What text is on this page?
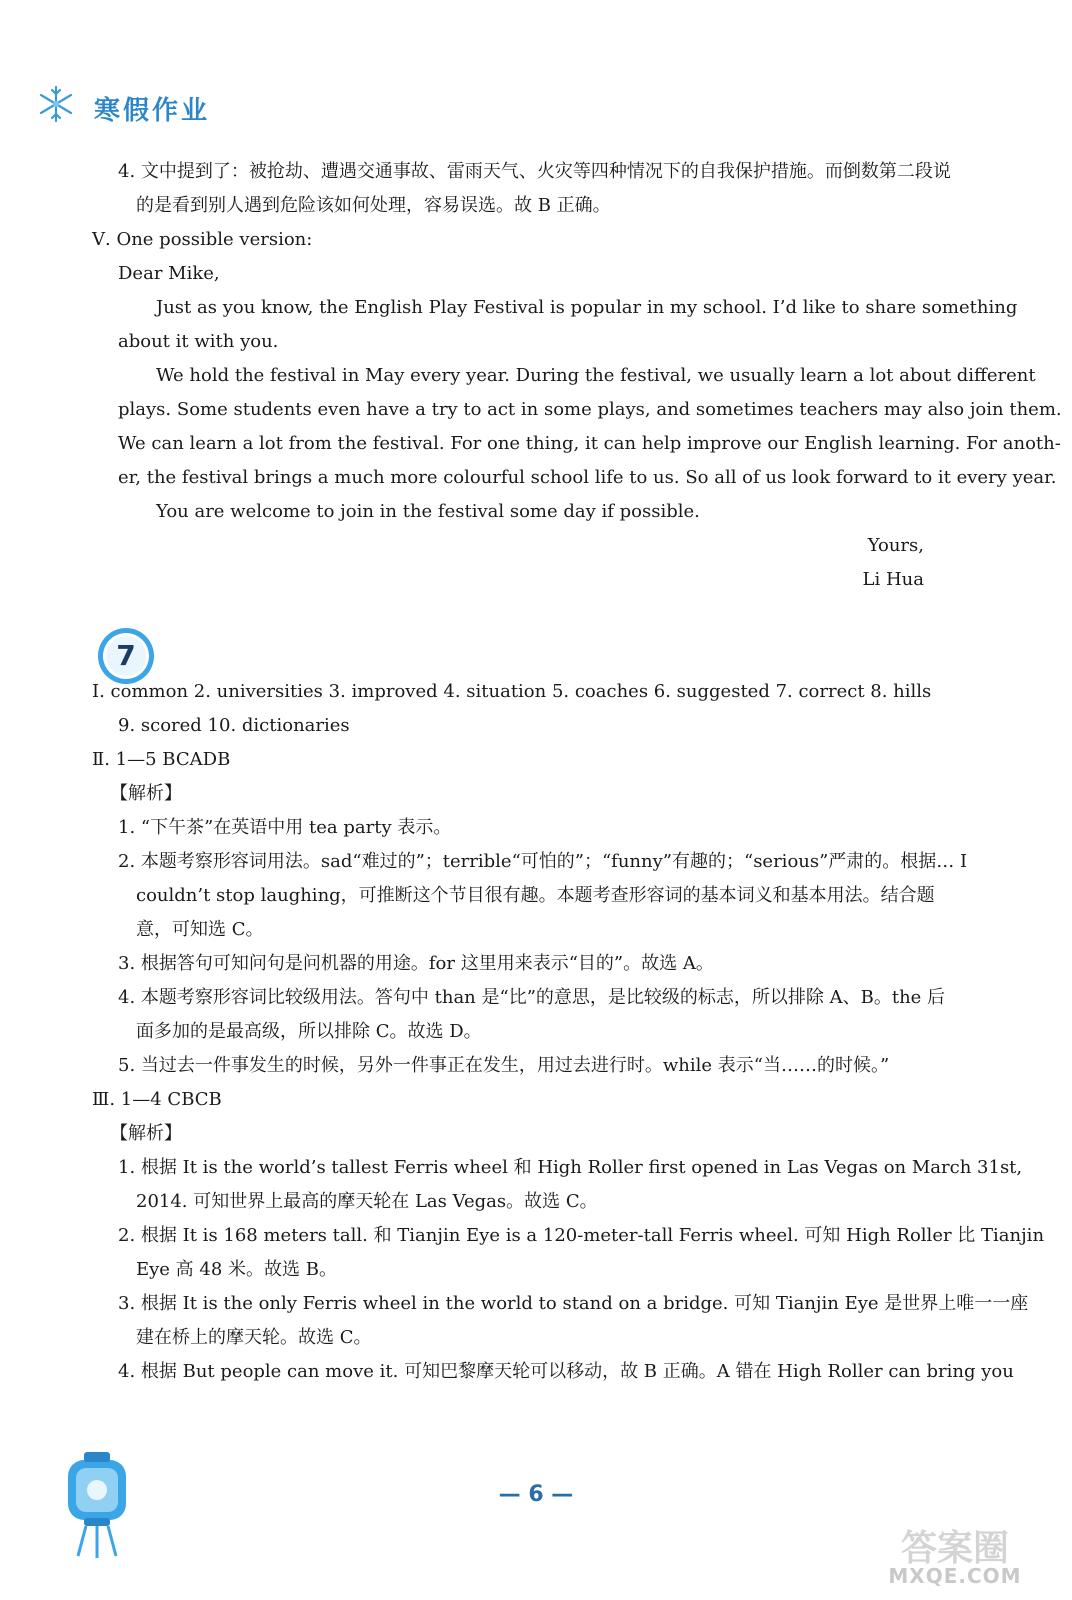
寒假作业
4. 文中提到了：被抢劫、遭遇交通事故、雷雨天气、火灾等四种情况下的自我保护措施。而倒数第二段说
的是看到别人遇到危险该如何处理，容易误选。故 B 正确。
Ⅴ. One possible version:
Dear Mike,
Just as you know, the English Play Festival is popular in my school. I’d like to share something
about it with you.
We hold the festival in May every year. During the festival, we usually learn a lot about different
plays. Some students even have a try to act in some plays, and sometimes teachers may also join them.
We can learn a lot from the festival. For one thing, it can help improve our English learning. For anoth-
er, the festival brings a much more colourful school life to us. So all of us look forward to it every year.
You are welcome to join in the festival some day if possible.
Yours,
Li Hua
7
Ⅰ. common 2. universities 3. improved 4. situation 5. coaches 6. suggested 7. correct 8. hills
9. scored 10. dictionaries
Ⅱ. 1—5 BCADB
【解析】
1. “下午茶”在英语中用 tea party 表示。
2. 本题考察形容词用法。sad“难过的”；terrible“可怕的”；“funny”有趣的；“serious”严肃的。根据… I
couldn’t stop laughing，可推断这个节目很有趣。本题考查形容词的基本词义和基本用法。结合题
意，可知选 C。
3. 根据答句可知问句是问机器的用途。for 这里用来表示“目的”。故选 A。
4. 本题考察形容词比较级用法。答句中 than 是“比”的意思，是比较级的标志，所以排除 A、B。the 后
面多加的是最高级，所以排除 C。故选 D。
5. 当过去一件事发生的时候，另外一件事正在发生，用过去进行时。while 表示“当……的时候。”
Ⅲ. 1—4 CBCB
【解析】
1. 根据 It is the world’s tallest Ferris wheel 和 High Roller first opened in Las Vegas on March 31st,
2014. 可知世界上最高的摩天轮在 Las Vegas。故选 C。
2. 根据 It is 168 meters tall. 和 Tianjin Eye is a 120-meter-tall Ferris wheel. 可知 High Roller 比 Tianjin
Eye 高 48 米。故选 B。
3. 根据 It is the only Ferris wheel in the world to stand on a bridge. 可知 Tianjin Eye 是世界上唯一一座
建在桥上的摩天轮。故选 C。
4. 根据 But people can move it. 可知巴黎摩天轮可以移动，故 B 正确。A 错在 High Roller can bring you
— 6 —
答案圈
MXQE.COM
